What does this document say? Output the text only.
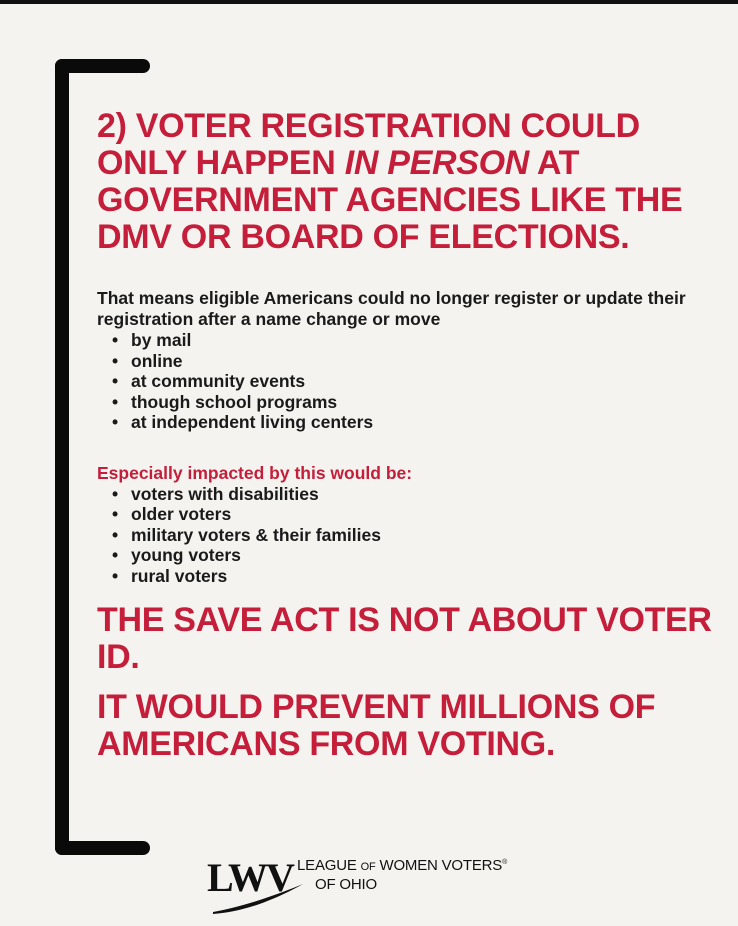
2) VOTER REGISTRATION COULD ONLY HAPPEN IN PERSON AT GOVERNMENT AGENCIES LIKE THE DMV OR BOARD OF ELECTIONS.

That means eligible Americans could no longer register or update their registration after a name change or move

• by mail
• online
• at community events
• though school programs
• at independent living centers

Especially impacted by this would be:

• voters with disabilities
• older voters
• military voters & their families
• young voters
• rural voters

THE SAVE ACT IS NOT ABOUT VOTER ID.

IT WOULD PREVENT MILLIONS OF AMERICANS FROM VOTING.

LWV LEAGUE OF WOMEN VOTERS®
OF OHIO
